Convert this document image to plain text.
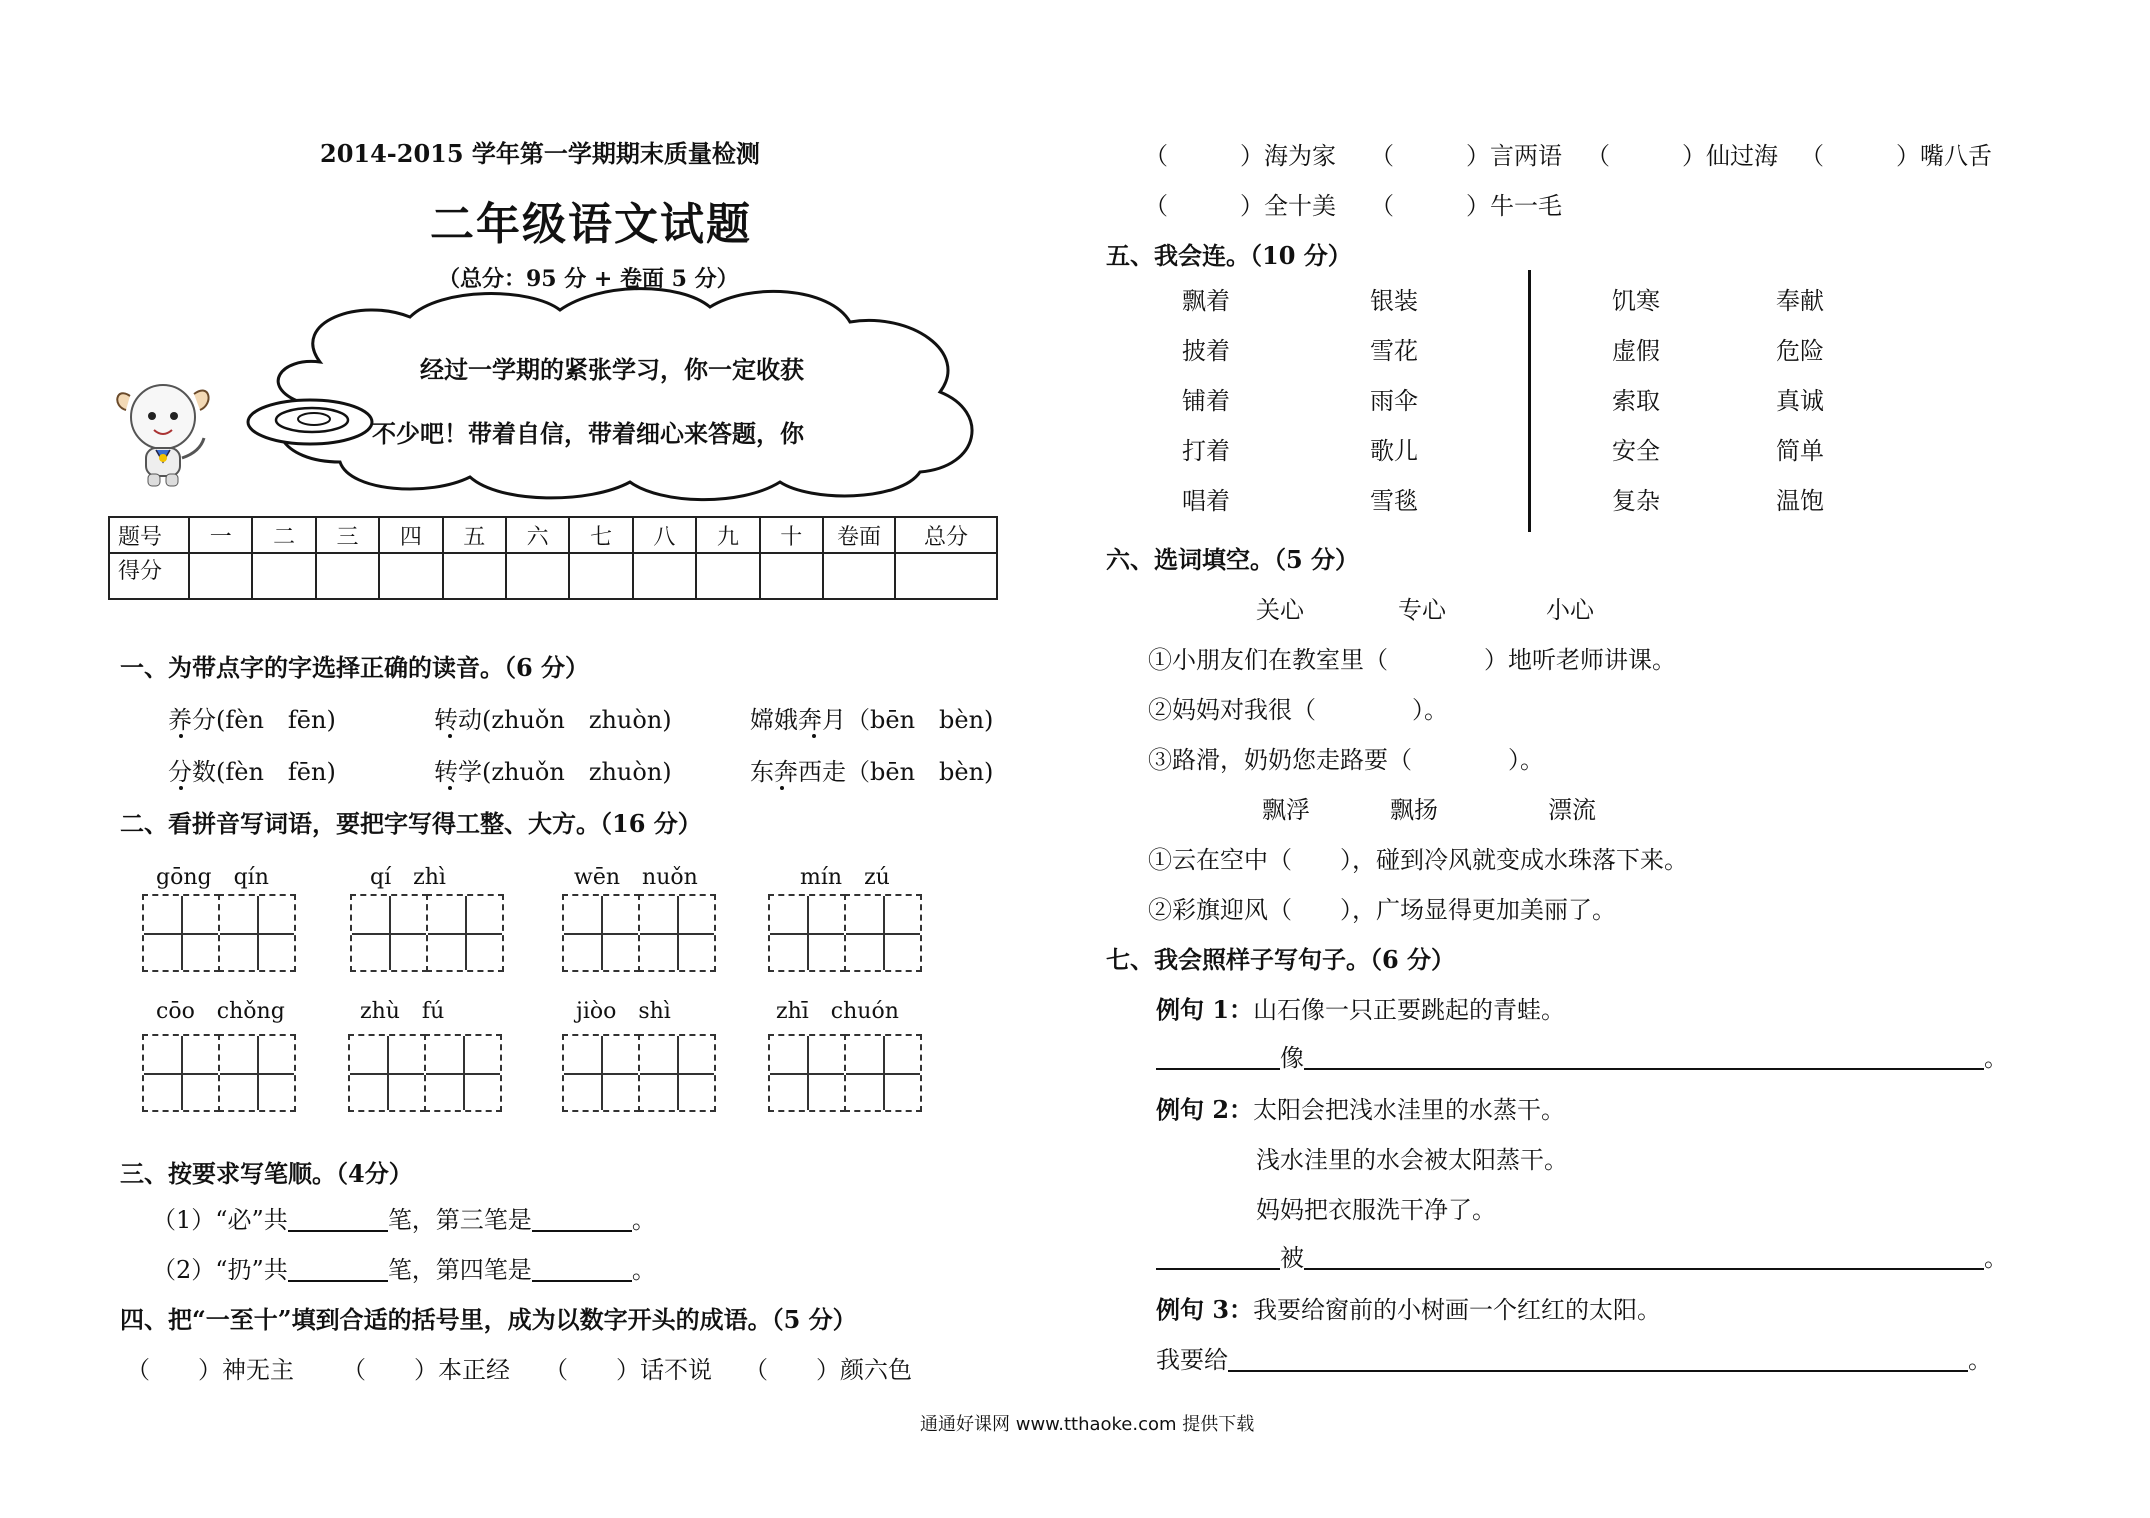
2014-2015 学年第一学期期末质量检测
二年级语文试题
（总分：95 分 + 卷面 5 分）
经过一学期的紧张学习，你一定收获
不少吧！带着自信，带着细心来答题，你
题号	一	二	三	四	五	六	七	八	九	十	卷面	总分
得分												
一、为带点字的字选择正确的读音。（6 分）
养分(fèn　fēn)	转动(zhuǒn　zhuòn)	嫦娥奔月（bēn　bèn)
分数(fèn　fēn)	转学(zhuǒn　zhuòn)	东奔西走（bēn　bèn)
二、看拼音写词语，要把字写得工整、大方。（16 分）
gōng　qín	qí　zhì	wēn　nuǒn	mín　zú
cōo　chǒng	zhù　fú	jiòo　shì	zhī　chuón
三、按要求写笔顺。（4分）
（1）“必”共	笔，第三笔是	。
（2）“扔”共	笔，第四笔是	。
四、把“一至十”填到合适的括号里，成为以数字开头的成语。（5 分）
（　　）神无主 （　　）本正经 （　　）话不说 （　　）颜六色
（　　　）海为家 （　　　）言两语 （　　　）仙过海 （　　　）嘴八舌
（　　　）全十美 （　　　）牛一毛
五、我会连。（10 分）
飘着
披着
铺着
打着
唱着
银装
雪花
雨伞
歌儿
雪毯
饥寒
虚假
索取
安全
复杂
奉献
危险
真诚
简单
温饱
六、选词填空。（5 分）
关心	专心	小心
①小朋友们在教室里（　　　　）地听老师讲课。
②妈妈对我很（　　　　）。
③路滑，奶奶您走路要（　　　　）。
飘浮	飘扬	漂流
①云在空中（　　），碰到冷风就变成水珠落下来。
②彩旗迎风（　　），广场显得更加美丽了。
七、我会照样子写句子。（6 分）
例句 1：山石像一只正要跳起的青蛙。
像	。
例句 2：太阳会把浅水洼里的水蒸干。
浅水洼里的水会被太阳蒸干。
妈妈把衣服洗干净了。
被	。
例句 3：我要给窗前的小树画一个红红的太阳。
我要给	。
通通好课网 www.tthaoke.com 提供下载
